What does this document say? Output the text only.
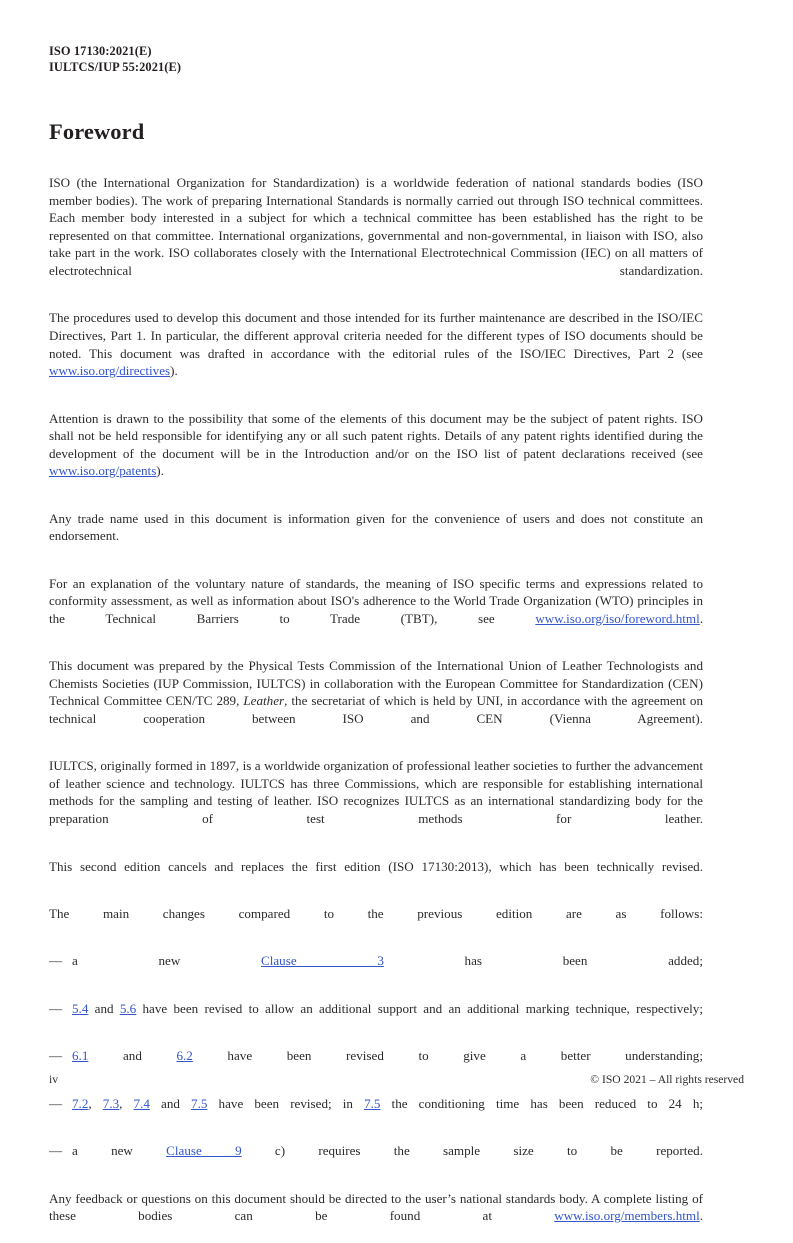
ISO 17130:2021(E)
IULTCS/IUP 55:2021(E)
Foreword

ISO (the International Organization for Standardization) is a worldwide federation of national standards bodies (ISO member bodies). The work of preparing International Standards is normally carried out through ISO technical committees. Each member body interested in a subject for which a technical committee has been established has the right to be represented on that committee. International organizations, governmental and non-governmental, in liaison with ISO, also take part in the work. ISO collaborates closely with the International Electrotechnical Commission (IEC) on all matters of electrotechnical standardization.

The procedures used to develop this document and those intended for its further maintenance are described in the ISO/IEC Directives, Part 1. In particular, the different approval criteria needed for the different types of ISO documents should be noted. This document was drafted in accordance with the editorial rules of the ISO/IEC Directives, Part 2 (see www.iso.org/directives).

Attention is drawn to the possibility that some of the elements of this document may be the subject of patent rights. ISO shall not be held responsible for identifying any or all such patent rights. Details of any patent rights identified during the development of the document will be in the Introduction and/or on the ISO list of patent declarations received (see www.iso.org/patents).

Any trade name used in this document is information given for the convenience of users and does not constitute an endorsement.

For an explanation of the voluntary nature of standards, the meaning of ISO specific terms and expressions related to conformity assessment, as well as information about ISO's adherence to the World Trade Organization (WTO) principles in the Technical Barriers to Trade (TBT), see www.iso.org/iso/foreword.html.

This document was prepared by the Physical Tests Commission of the International Union of Leather Technologists and Chemists Societies (IUP Commission, IULTCS) in collaboration with the European Committee for Standardization (CEN) Technical Committee CEN/TC 289, Leather, the secretariat of which is held by UNI, in accordance with the agreement on technical cooperation between ISO and CEN (Vienna Agreement).

IULTCS, originally formed in 1897, is a worldwide organization of professional leather societies to further the advancement of leather science and technology. IULTCS has three Commissions, which are responsible for establishing international methods for the sampling and testing of leather. ISO recognizes IULTCS as an international standardizing body for the preparation of test methods for leather.

This second edition cancels and replaces the first edition (ISO 17130:2013), which has been technically revised.

The main changes compared to the previous edition are as follows:

— a new Clause 3 has been added;
— 5.4 and 5.6 have been revised to allow an additional support and an additional marking technique, respectively;
— 6.1 and 6.2 have been revised to give a better understanding;
— 7.2, 7.3, 7.4 and 7.5 have been revised; in 7.5 the conditioning time has been reduced to 24 h;
— a new Clause 9 c) requires the sample size to be reported.

Any feedback or questions on this document should be directed to the user’s national standards body. A complete listing of these bodies can be found at www.iso.org/members.html.

iv	© ISO 2021 – All rights reserved
